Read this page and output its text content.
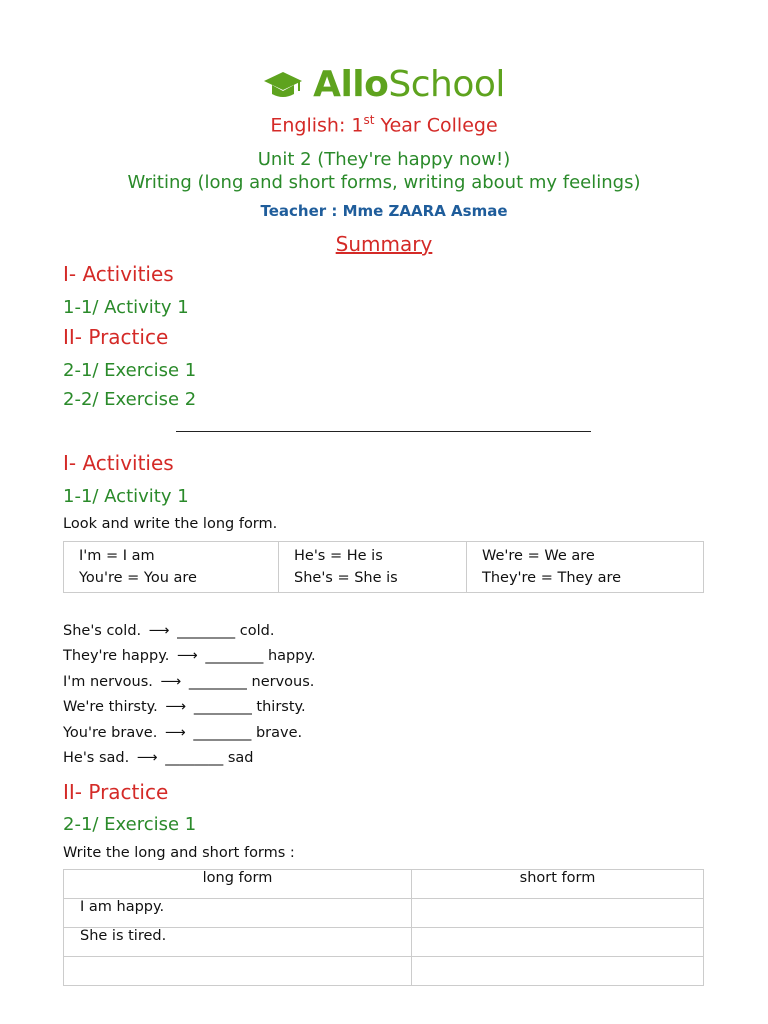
AlloSchool
English: 1st Year College
Unit 2 (They're happy now!)
Writing (long and short forms, writing about my feelings)
Teacher : Mme ZAARA Asmae
Summary
I- Activities
1-1/ Activity 1
II- Practice
2-1/ Exercise 1
2-2/ Exercise 2
I- Activities
1-1/ Activity 1
Look and write the long form.
I'm = I am
You're = You are

He's = He is
She's = She is

We're = We are
They're = They are
She's cold. ⟶ ________ cold.
They're happy. ⟶ ________ happy.
I'm nervous. ⟶ ________ nervous.
We're thirsty. ⟶ ________ thirsty.
You're brave. ⟶ ________ brave.
He's sad. ⟶ ________ sad
II- Practice
2-1/ Exercise 1
Write the long and short forms :
long form	short form
I am happy.	
She is tired.	
